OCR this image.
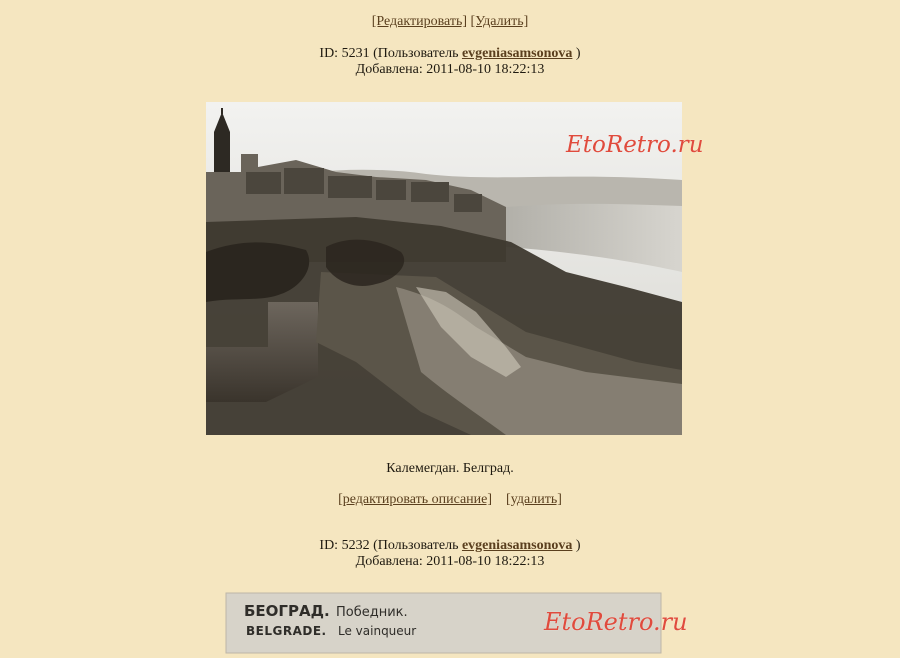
[Редактировать] [Удалить]
ID: 5231 (Пользователь evgeniasamsonova )
Добавлена: 2011-08-10 18:22:13
EtoRetro.ru
Калемегдан. Белград.
[редактировать описание] [удалить]
ID: 5232 (Пользователь evgeniasamsonova )
Добавлена: 2011-08-10 18:22:13
БЕОГРАД. Победник.
BELGRADE. Le vainqueur	EtoRetro.ru
